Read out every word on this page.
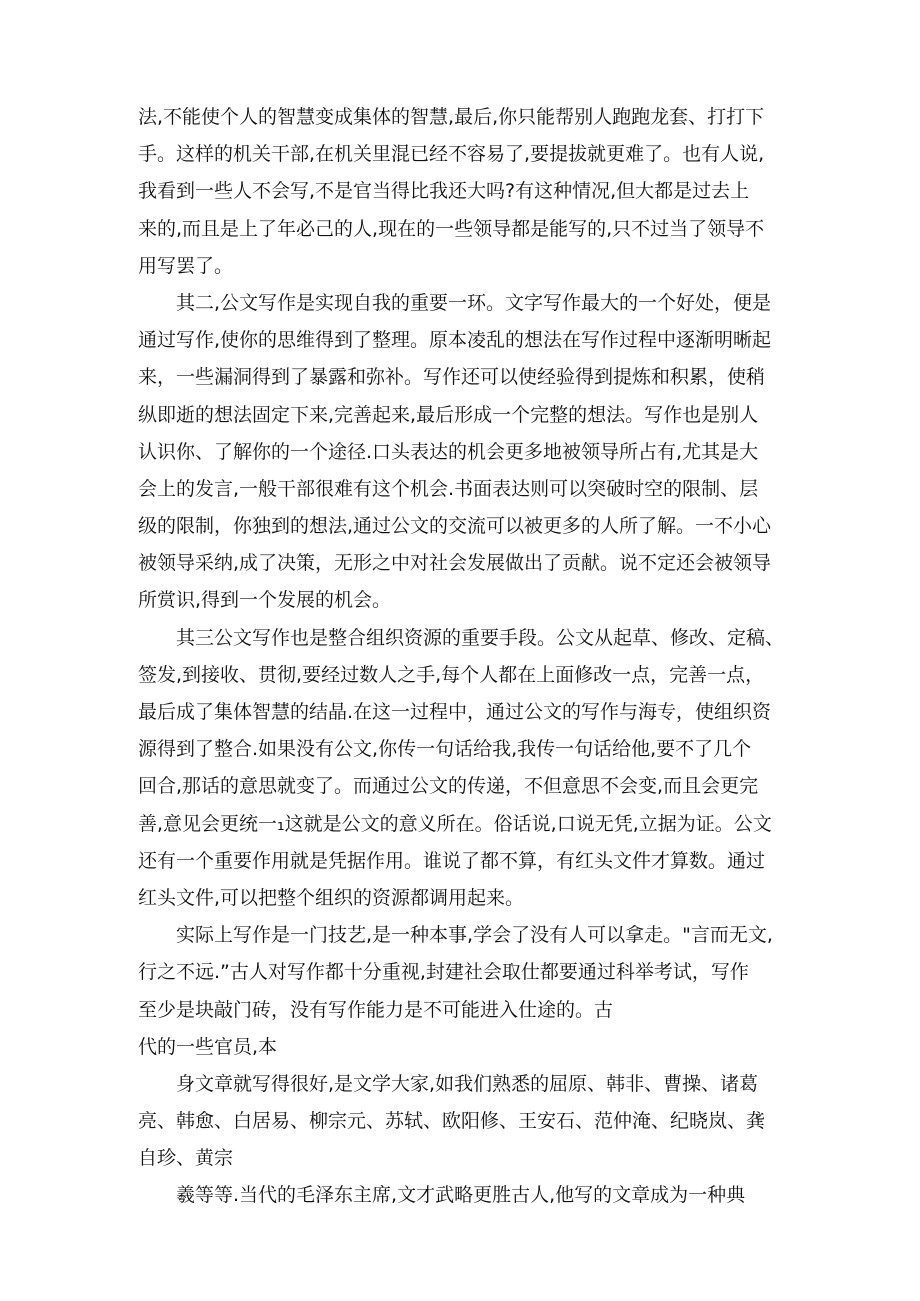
法,不能使个人的智慧变成集体的智慧,最后,你只能帮别人跑跑龙套、打打下
手。这样的机关干部,在机关里混已经不容易了,要提拔就更难了。也有人说,
我看到一些人不会写,不是官当得比我还大吗?有这种情况,但大都是过去上
来的,而且是上了年必己的人,现在的一些领导都是能写的,只不过当了领导不
用写罢了。
其二,公文写作是实现自我的重要一环。文字写作最大的一个好处，便是
通过写作,使你的思维得到了整理。原本凌乱的想法在写作过程中逐渐明晰起
来，一些漏洞得到了暴露和弥补。写作还可以使经验得到提炼和积累，使稍
纵即逝的想法固定下来,完善起来,最后形成一个完整的想法。写作也是别人
认识你、了解你的一个途径.口头表达的机会更多地被领导所占有,尤其是大
会上的发言,一般干部很难有这个机会.书面表达则可以突破时空的限制、层
级的限制，你独到的想法,通过公文的交流可以被更多的人所了解。一不小心
被领导采纳,成了决策，无形之中对社会发展做出了贡献。说不定还会被领导
所赏识,得到一个发展的机会。
其三公文写作也是整合组织资源的重要手段。公文从起草、修改、定稿、
签发,到接收、贯彻,要经过数人之手,每个人都在上面修改一点，完善一点，
最后成了集体智慧的结晶.在这一过程中，通过公文的写作与海专，使组织资
源得到了整合.如果没有公文,你传一句话给我,我传一句话给他,要不了几个
回合,那话的意思就变了。而通过公文的传递，不但意思不会变,而且会更完
善,意见会更统一₁这就是公文的意义所在。俗话说,口说无凭,立据为证。公文
还有一个重要作用就是凭据作用。谁说了都不算，有红头文件才算数。通过
红头文件,可以把整个组织的资源都调用起来。
实际上写作是一门技艺,是一种本事,学会了没有人可以拿走。"言而无文,
行之不远.”古人对写作都十分重视,封建社会取仕都要通过科举考试，写作
至少是块敲门砖，没有写作能力是不可能进入仕途的。古
代的一些官员,本
身文章就写得很好,是文学大家,如我们熟悉的屈原、韩非、曹操、诸葛
亮、韩愈、白居易、柳宗元、苏轼、欧阳修、王安石、范仲淹、纪晓岚、龚
自珍、黄宗
羲等等.当代的毛泽东主席,文才武略更胜古人,他写的文章成为一种典
